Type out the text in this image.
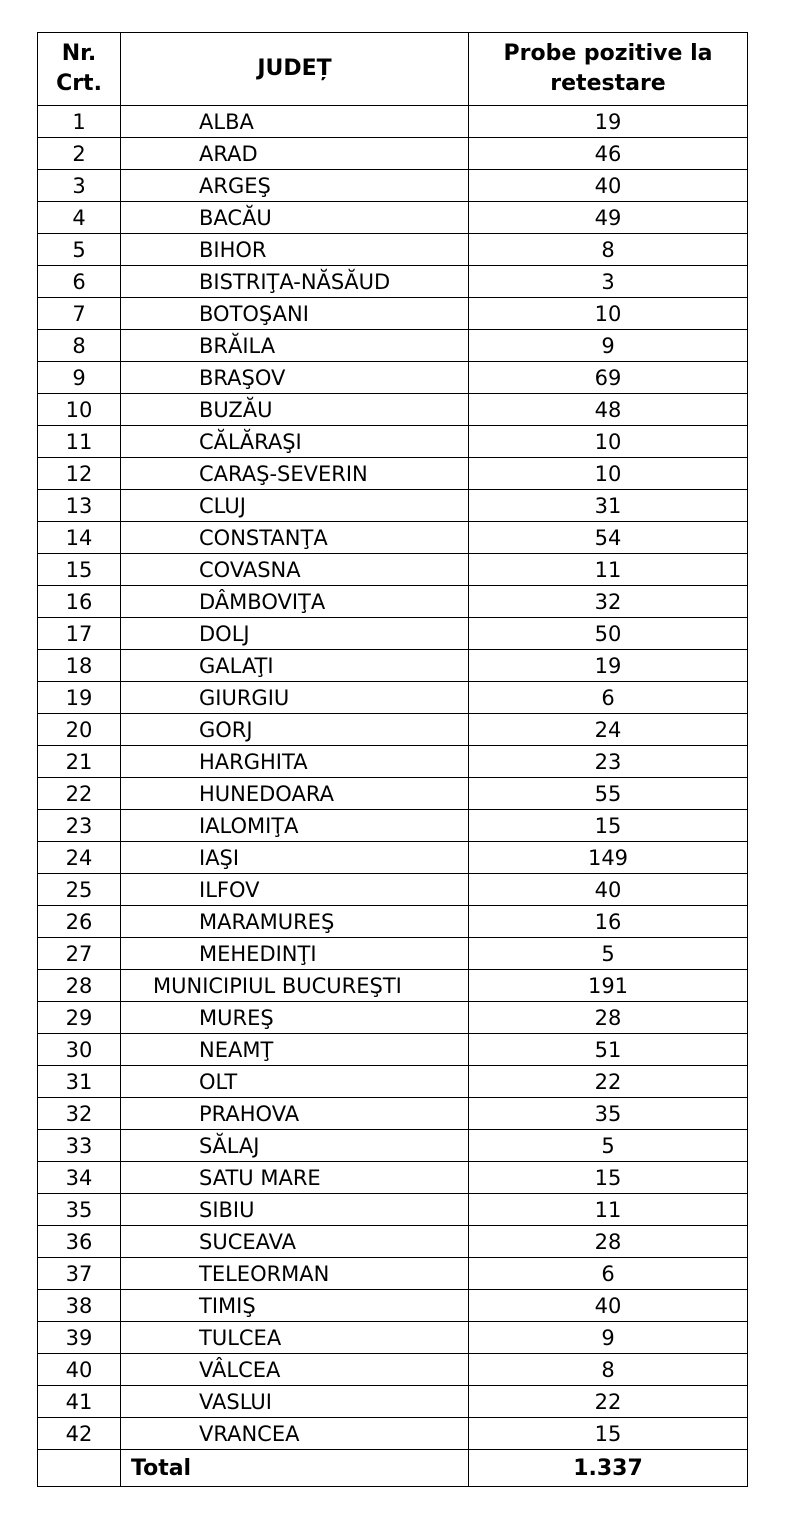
Nr. Crt.	JUDEȚ	Probe pozitive la retestare
1	ALBA	19
2	ARAD	46
3	ARGEŞ	40
4	BACĂU	49
5	BIHOR	8
6	BISTRIŢA-NĂSĂUD	3
7	BOTOŞANI	10
8	BRĂILA	9
9	BRAŞOV	69
10	BUZĂU	48
11	CĂLĂRAŞI	10
12	CARAŞ-SEVERIN	10
13	CLUJ	31
14	CONSTANŢA	54
15	COVASNA	11
16	DÂMBOVIŢA	32
17	DOLJ	50
18	GALAŢI	19
19	GIURGIU	6
20	GORJ	24
21	HARGHITA	23
22	HUNEDOARA	55
23	IALOMIŢA	15
24	IAŞI	149
25	ILFOV	40
26	MARAMUREŞ	16
27	MEHEDINŢI	5
28	MUNICIPIUL BUCUREŞTI	191
29	MUREŞ	28
30	NEAMŢ	51
31	OLT	22
32	PRAHOVA	35
33	SĂLAJ	5
34	SATU MARE	15
35	SIBIU	11
36	SUCEAVA	28
37	TELEORMAN	6
38	TIMIŞ	40
39	TULCEA	9
40	VÂLCEA	8
41	VASLUI	22
42	VRANCEA	15
	Total	1.337
